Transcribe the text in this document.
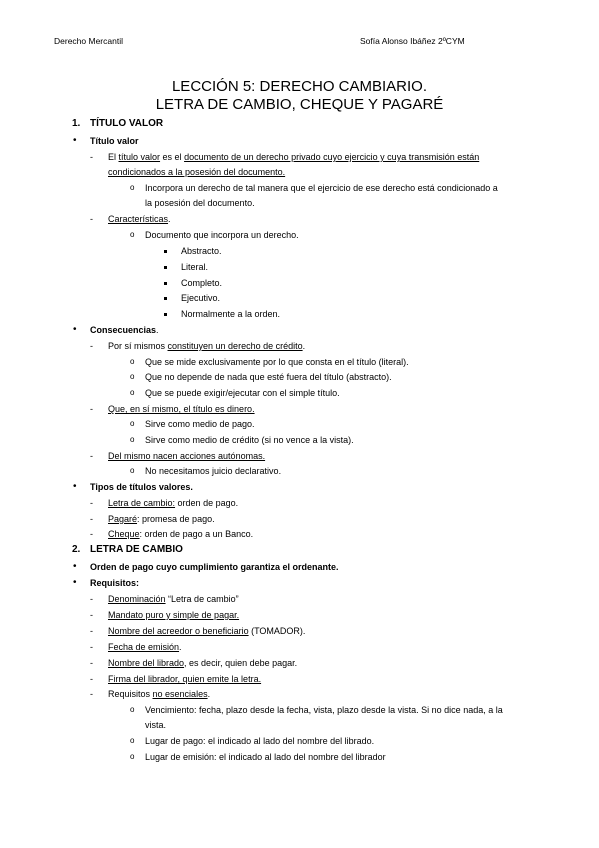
Derecho Mercantil	Sofía Alonso Ibáñez 2ºCYM
LECCIÓN 5: DERECHO CAMBIARIO.
LETRA DE CAMBIO, CHEQUE Y PAGARÉ
1. TÍTULO VALOR
• Título valor
- El título valor es el documento de un derecho privado cuyo ejercicio y cuya transmisión están
condicionados a la posesión del documento.
o Incorpora un derecho de tal manera que el ejercicio de ese derecho está condicionado a
la posesión del documento.
- Características.
o Documento que incorpora un derecho.
Abstracto.
Literal.
Completo.
Ejecutivo.
Normalmente a la orden.
• Consecuencias.
- Por sí mismos constituyen un derecho de crédito.
o Que se mide exclusivamente por lo que consta en el título (literal).
o Que no depende de nada que esté fuera del título (abstracto).
o Que se puede exigir/ejecutar con el simple título.
- Que, en sí mismo, el título es dinero.
o Sirve como medio de pago.
o Sirve como medio de crédito (si no vence a la vista).
- Del mismo nacen acciones autónomas.
o No necesitamos juicio declarativo.
• Tipos de títulos valores.
- Letra de cambio: orden de pago.
- Pagaré: promesa de pago.
- Cheque: orden de pago a un Banco.
2. LETRA DE CAMBIO
• Orden de pago cuyo cumplimiento garantiza el ordenante.
• Requisitos:
- Denominación “Letra de cambio”
- Mandato puro y simple de pagar.
- Nombre del acreedor o beneficiario (TOMADOR).
- Fecha de emisión.
- Nombre del librado, es decir, quien debe pagar.
- Firma del librador, quien emite la letra.
- Requisitos no esenciales.
o Vencimiento: fecha, plazo desde la fecha, vista, plazo desde la vista. Si no dice nada, a la
vista.
o Lugar de pago: el indicado al lado del nombre del librado.
o Lugar de emisión: el indicado al lado del nombre del librador
